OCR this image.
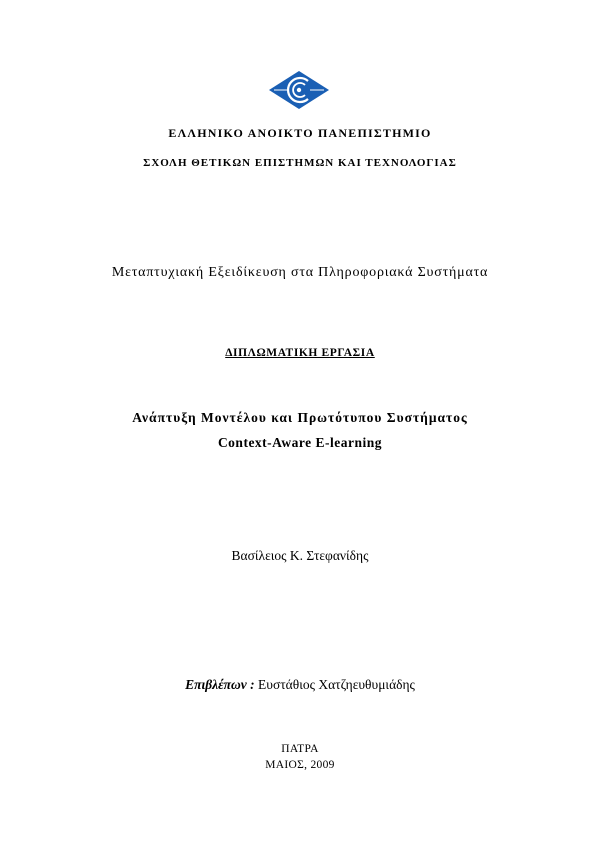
ΕΛΛΗΝΙΚΟ ΑΝΟΙΚΤΟ ΠΑΝΕΠΙΣΤΗΜΙΟ
ΣΧΟΛΗ ΘΕΤΙΚΩΝ ΕΠΙΣΤΗΜΩΝ ΚΑΙ ΤΕΧΝΟΛΟΓΙΑΣ
Μεταπτυχιακή Εξειδίκευση στα Πληροφοριακά Συστήματα
ΔΙΠΛΩΜΑΤΙΚΗ ΕΡΓΑΣΙΑ
Ανάπτυξη Μοντέλου και Πρωτότυπου Συστήματος
Context-Aware E-learning
Βασίλειος Κ. Στεφανίδης
Επιβλέπων : Ευστάθιος Χατζηευθυμιάδης
ΠΑΤΡΑ
ΜΑΙΟΣ, 2009
